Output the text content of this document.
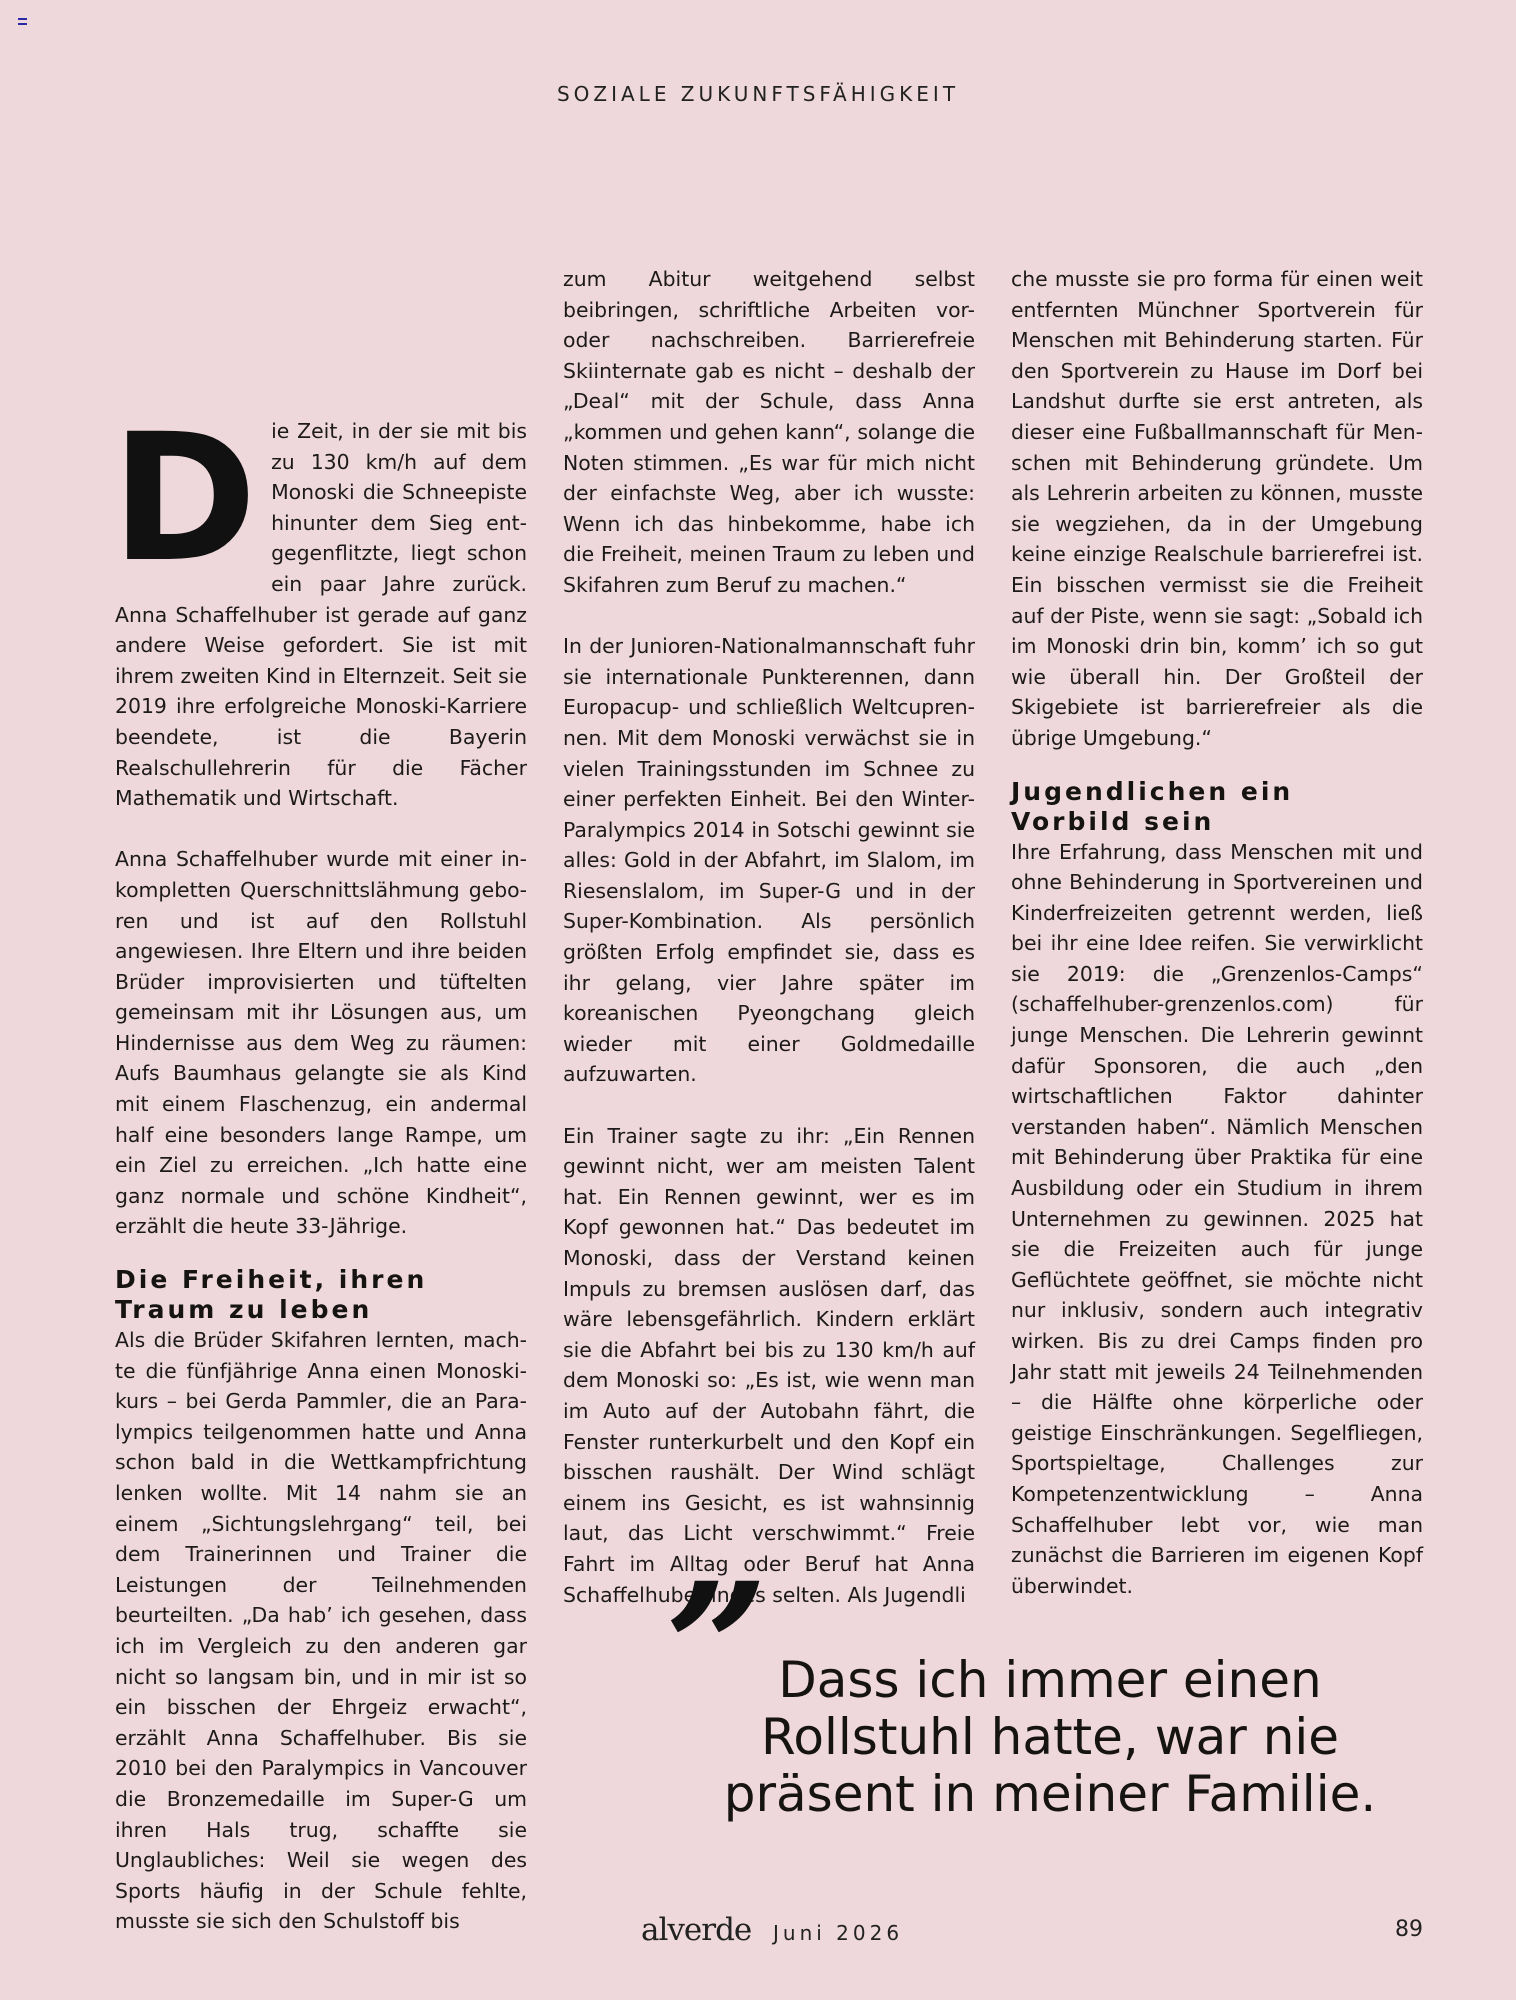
SOZIALE ZUKUNFTSFÄHIGKEIT
D ie Zeit, in der sie mit bis zu 130 km/h auf dem Monoski die Schneepiste hinunter dem Sieg entgegenflitzte, liegt schon ein paar Jahre zurück. Anna Schaffelhuber ist gerade auf ganz andere Weise gefordert. Sie ist mit ihrem zweiten Kind in Elternzeit. Seit sie 2019 ihre erfolgreiche Monoski-Karriere beendete, ist die Bayerin Realschullehrerin für die Fächer Mathematik und Wirtschaft.

Anna Schaffelhuber wurde mit einer inkompletten Querschnittslähmung geboren und ist auf den Rollstuhl angewiesen. Ihre Eltern und ihre beiden Brüder improvisierten und tüftelten gemeinsam mit ihr Lösungen aus, um Hindernisse aus dem Weg zu räumen: Aufs Baumhaus gelangte sie als Kind mit einem Flaschenzug, ein andermal half eine besonders lange Rampe, um ein Ziel zu erreichen. „Ich hatte eine ganz normale und schöne Kindheit“, erzählt die heute 33-Jährige.

Die Freiheit, ihren Traum zu leben

Als die Brüder Skifahren lernten, machte die fünfjährige Anna einen Monoskikurs – bei Gerda Pammler, die an Paralympics teilgenommen hatte und Anna schon bald in die Wettkampfrichtung lenken wollte. Mit 14 nahm sie an einem „Sichtungslehrgang“ teil, bei dem Trainerinnen und Trainer die Leistungen der Teilnehmenden beurteilten. „Da hab’ ich gesehen, dass ich im Vergleich zu den anderen gar nicht so langsam bin, und in mir ist so ein bisschen der Ehrgeiz erwacht“, erzählt Anna Schaffelhuber. Bis sie 2010 bei den Paralympics in Vancouver die Bronzemedaille im Super-G um ihren Hals trug, schaffte sie Unglaubliches: Weil sie wegen des Sports häufig in der Schule fehlte, musste sie sich den Schulstoff bis

zum Abitur weitgehend selbst beibringen, schriftliche Arbeiten vor- oder nachschreiben. Barrierefreie Skiinternate gab es nicht – deshalb der „Deal“ mit der Schule, dass Anna „kommen und gehen kann“, solange die Noten stimmen. „Es war für mich nicht der einfachste Weg, aber ich wusste: Wenn ich das hinbekomme, habe ich die Freiheit, meinen Traum zu leben und Skifahren zum Beruf zu machen.“

In der Junioren-Nationalmannschaft fuhr sie internationale Punkterennen, dann Europacup- und schließlich Weltcuprennen. Mit dem Monoski verwächst sie in vielen Trainingsstunden im Schnee zu einer perfekten Einheit. Bei den Winter-Paralympics 2014 in Sotschi gewinnt sie alles: Gold in der Abfahrt, im Slalom, im Riesenslalom, im Super-G und in der Super-Kombination. Als persönlich größten Erfolg empfindet sie, dass es ihr gelang, vier Jahre später im koreanischen Pyeongchang gleich wieder mit einer Goldmedaille aufzuwarten.

Ein Trainer sagte zu ihr: „Ein Rennen gewinnt nicht, wer am meisten Talent hat. Ein Rennen gewinnt, wer es im Kopf gewonnen hat.“ Das bedeutet im Monoski, dass der Verstand keinen Impuls zu bremsen auslösen darf, das wäre lebensgefährlich. Kindern erklärt sie die Abfahrt bei bis zu 130 km/h auf dem Monoski so: „Es ist, wie wenn man im Auto auf der Autobahn fährt, die Fenster runterkurbelt und den Kopf ein bisschen raushält. Der Wind schlägt einem ins Gesicht, es ist wahnsinnig laut, das Licht verschwimmt.“ Freie Fahrt im Alltag oder Beruf hat Anna Schaffelhuber indes selten. Als Jugendli

che musste sie pro forma für einen weit entfernten Münchner Sportverein für Menschen mit Behinderung starten. Für den Sportverein zu Hause im Dorf bei Landshut durfte sie erst antreten, als dieser eine Fußballmannschaft für Menschen mit Behinderung gründete. Um als Lehrerin arbeiten zu können, musste sie wegziehen, da in der Umgebung keine einzige Realschule barrierefrei ist. Ein bisschen vermisst sie die Freiheit auf der Piste, wenn sie sagt: „Sobald ich im Monoski drin bin, komm’ ich so gut wie überall hin. Der Großteil der Skigebiete ist barrierefreier als die übrige Umgebung.“

Jugendlichen ein Vorbild sein

Ihre Erfahrung, dass Menschen mit und ohne Behinderung in Sportvereinen und Kinderfreizeiten getrennt werden, ließ bei ihr eine Idee reifen. Sie verwirklicht sie 2019: die „Grenzenlos-Camps“ (schaffelhuber-grenzenlos.com) für junge Menschen. Die Lehrerin gewinnt dafür Sponsoren, die auch „den wirtschaftlichen Faktor dahinter verstanden haben“. Nämlich Menschen mit Behinderung über Praktika für eine Ausbildung oder ein Studium in ihrem Unternehmen zu gewinnen. 2025 hat sie die Freizeiten auch für junge Geflüchtete geöffnet, sie möchte nicht nur inklusiv, sondern auch integrativ wirken. Bis zu drei Camps finden pro Jahr statt mit jeweils 24 Teilnehmenden – die Hälfte ohne körperliche oder geistige Einschränkungen. Segelfliegen, Sportspieltage, Challenges zur Kompetenzentwicklung – Anna Schaffelhuber lebt vor, wie man zunächst die Barrieren im eigenen Kopf überwindet.

” Dass ich immer einen Rollstuhl hatte, war nie präsent in meiner Familie.
alverde Juni 2026	89
